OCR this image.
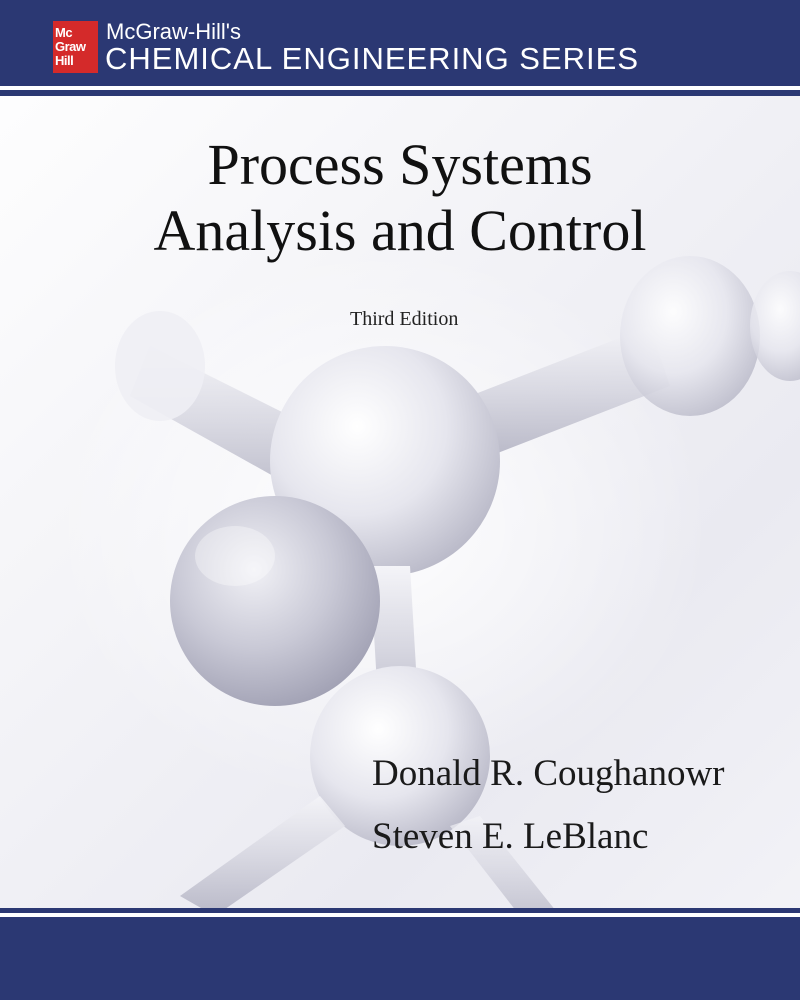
Mc
Graw
Hill
McGraw-Hill's
CHEMICAL ENGINEERING SERIES
Process Systems
Analysis and Control
Third Edition
Donald R. Coughanowr
Steven E. LeBlanc
